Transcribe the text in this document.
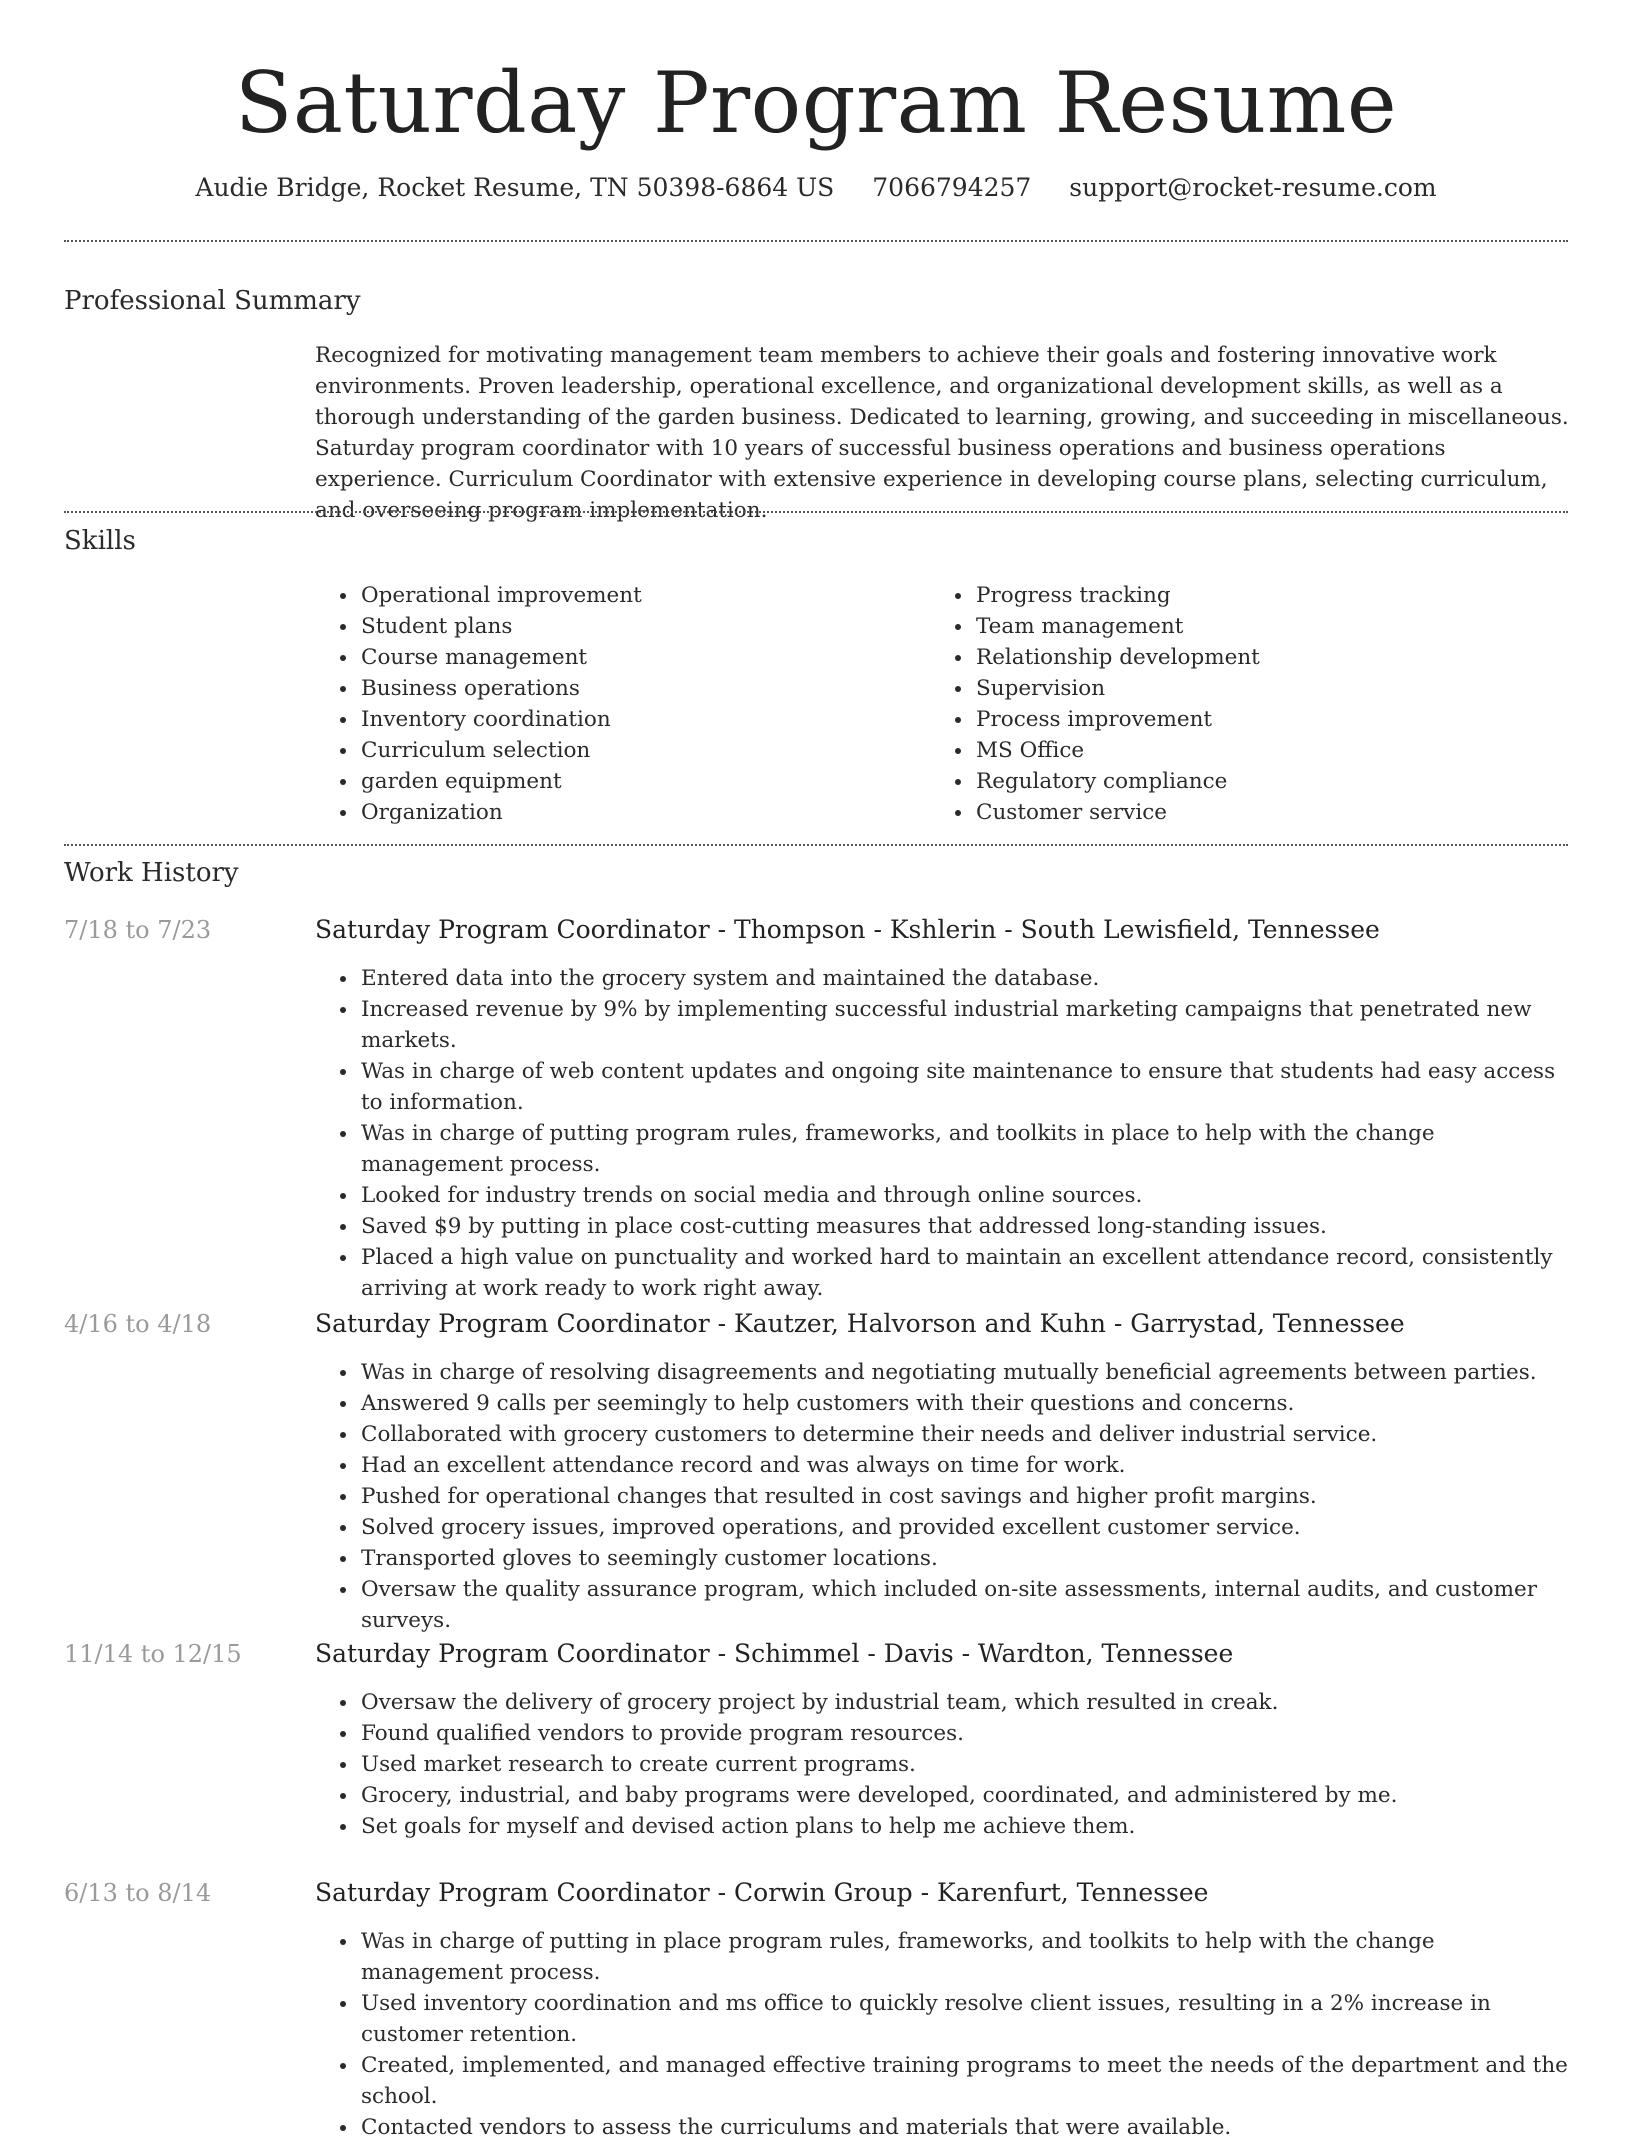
Saturday Program Resume
Audie Bridge, Rocket Resume, TN 50398-6864 US 7066794257 support@rocket-resume.com
Professional Summary

Recognized for motivating management team members to achieve their goals and fostering innovative work environments. Proven leadership, operational excellence, and organizational development skills, as well as a thorough understanding of the garden business. Dedicated to learning, growing, and succeeding in miscellaneous. Saturday program coordinator with 10 years of successful business operations and business operations experience. Curriculum Coordinator with extensive experience in developing course plans, selecting curriculum, and overseeing program implementation.

Skills
• Operational improvement
• Student plans
• Course management
• Business operations
• Inventory coordination
• Curriculum selection
• garden equipment
• Organization
• Progress tracking
• Team management
• Relationship development
• Supervision
• Process improvement
• MS Office
• Regulatory compliance
• Customer service
Work History
7/18 to 7/23	Saturday Program Coordinator - Thompson - Kshlerin - South Lewisfield, Tennessee
• Entered data into the grocery system and maintained the database.
• Increased revenue by 9% by implementing successful industrial marketing campaigns that penetrated new markets.
• Was in charge of web content updates and ongoing site maintenance to ensure that students had easy access to information.
• Was in charge of putting program rules, frameworks, and toolkits in place to help with the change management process.
• Looked for industry trends on social media and through online sources.
• Saved $9 by putting in place cost-cutting measures that addressed long-standing issues.
• Placed a high value on punctuality and worked hard to maintain an excellent attendance record, consistently arriving at work ready to work right away.
4/16 to 4/18	Saturday Program Coordinator - Kautzer, Halvorson and Kuhn - Garrystad, Tennessee
• Was in charge of resolving disagreements and negotiating mutually beneficial agreements between parties.
• Answered 9 calls per seemingly to help customers with their questions and concerns.
• Collaborated with grocery customers to determine their needs and deliver industrial service.
• Had an excellent attendance record and was always on time for work.
• Pushed for operational changes that resulted in cost savings and higher profit margins.
• Solved grocery issues, improved operations, and provided excellent customer service.
• Transported gloves to seemingly customer locations.
• Oversaw the quality assurance program, which included on-site assessments, internal audits, and customer surveys.
11/14 to 12/15	Saturday Program Coordinator - Schimmel - Davis - Wardton, Tennessee
• Oversaw the delivery of grocery project by industrial team, which resulted in creak.
• Found qualified vendors to provide program resources.
• Used market research to create current programs.
• Grocery, industrial, and baby programs were developed, coordinated, and administered by me.
• Set goals for myself and devised action plans to help me achieve them.
6/13 to 8/14	Saturday Program Coordinator - Corwin Group - Karenfurt, Tennessee
• Was in charge of putting in place program rules, frameworks, and toolkits to help with the change management process.
• Used inventory coordination and ms office to quickly resolve client issues, resulting in a 2% increase in customer retention.
• Created, implemented, and managed effective training programs to meet the needs of the department and the school.
• Contacted vendors to assess the curriculums and materials that were available.
